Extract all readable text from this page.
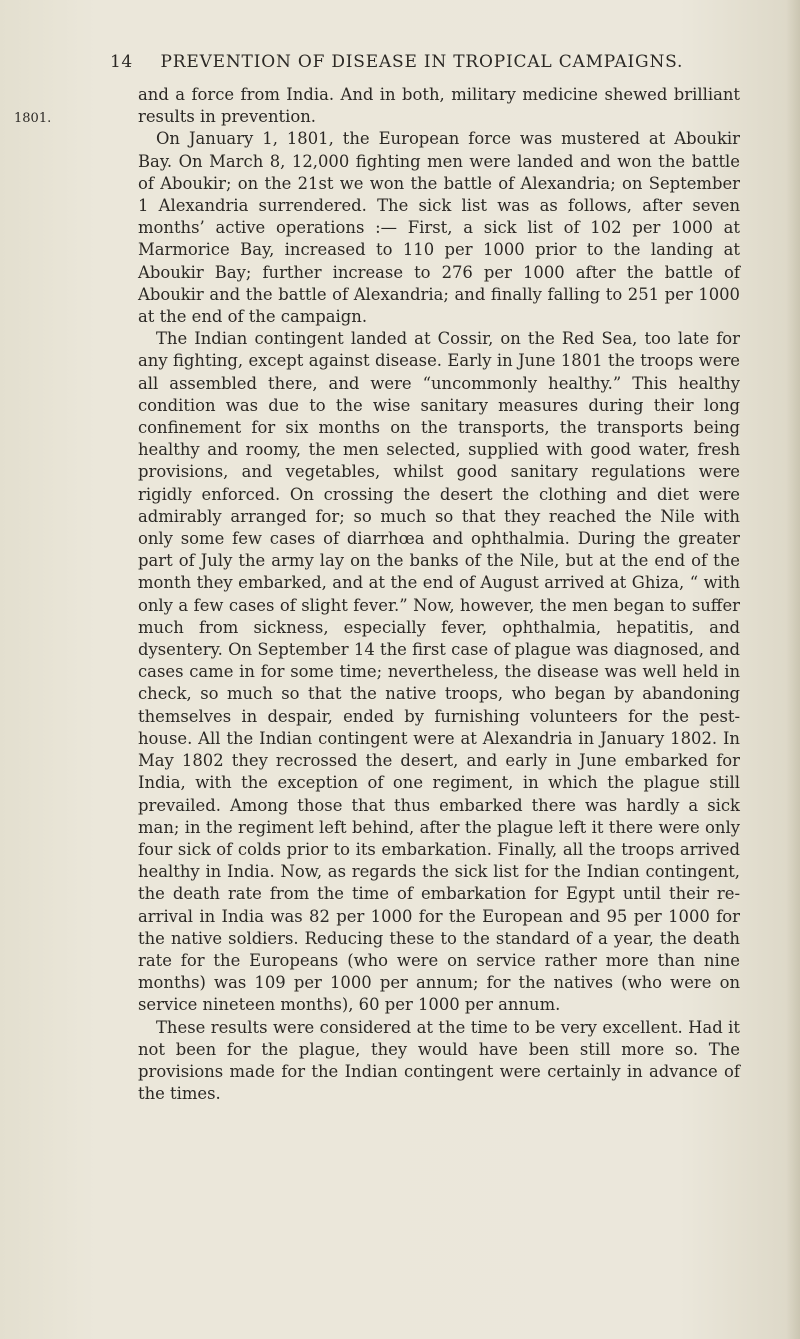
14 PREVENTION OF DISEASE IN TROPICAL CAMPAIGNS.
1801.

and a force from India. And in both, military medicine shewed brilliant results in prevention.

On January 1, 1801, the European force was mustered at Aboukir Bay. On March 8, 12,000 fighting men were landed and won the battle of Aboukir; on the 21st we won the battle of Alexandria; on September 1 Alexandria surrendered. The sick list was as follows, after seven months’ active operations :— First, a sick list of 102 per 1000 at Marmorice Bay, increased to 110 per 1000 prior to the landing at Aboukir Bay; further increase to 276 per 1000 after the battle of Aboukir and the battle of Alexandria; and finally falling to 251 per 1000 at the end of the campaign.

The Indian contingent landed at Cossir, on the Red Sea, too late for any fighting, except against disease. Early in June 1801 the troops were all assembled there, and were “uncommonly healthy.” This healthy condition was due to the wise sanitary measures during their long confinement for six months on the transports, the transports being healthy and roomy, the men selected, supplied with good water, fresh provisions, and vegetables, whilst good sanitary regulations were rigidly enforced. On crossing the desert the clothing and diet were admirably arranged for; so much so that they reached the Nile with only some few cases of diarrhœa and ophthalmia. During the greater part of July the army lay on the banks of the Nile, but at the end of the month they embarked, and at the end of August arrived at Ghiza, “ with only a few cases of slight fever.” Now, however, the men began to suffer much from sickness, especially fever, ophthalmia, hepatitis, and dysentery. On September 14 the first case of plague was diagnosed, and cases came in for some time; nevertheless, the disease was well held in check, so much so that the native troops, who began by abandoning themselves in despair, ended by furnishing volunteers for the pest-house. All the Indian contingent were at Alexandria in January 1802. In May 1802 they recrossed the desert, and early in June embarked for India, with the exception of one regiment, in which the plague still prevailed. Among those that thus embarked there was hardly a sick man; in the regiment left behind, after the plague left it there were only four sick of colds prior to its embarkation. Finally, all the troops arrived healthy in India. Now, as regards the sick list for the Indian contingent, the death rate from the time of embarkation for Egypt until their re-arrival in India was 82 per 1000 for the European and 95 per 1000 for the native soldiers. Reducing these to the standard of a year, the death rate for the Europeans (who were on service rather more than nine months) was 109 per 1000 per annum; for the natives (who were on service nineteen months), 60 per 1000 per annum.

These results were considered at the time to be very excellent. Had it not been for the plague, they would have been still more so. The provisions made for the Indian contingent were certainly in advance of the times.
